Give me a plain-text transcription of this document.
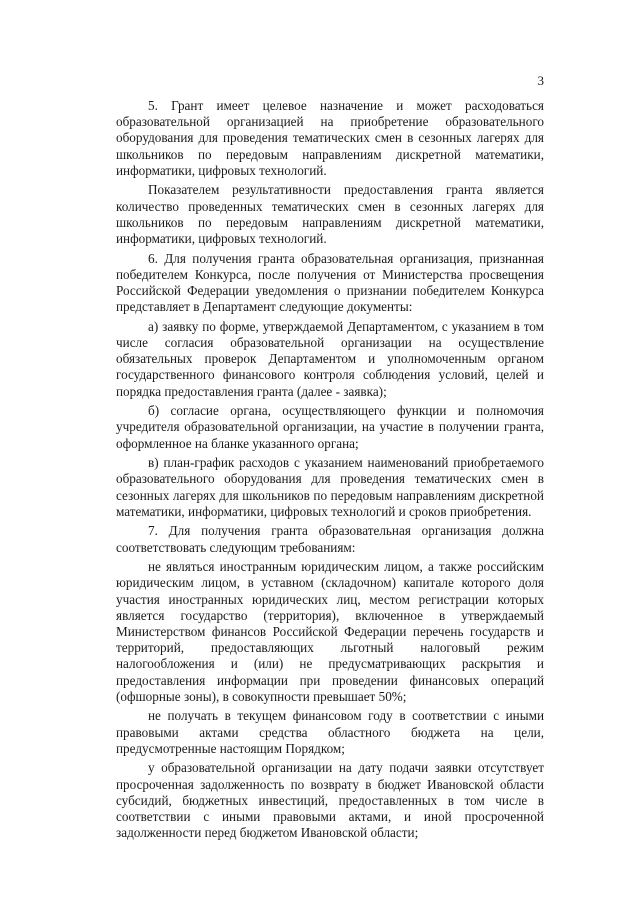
3

5. Грант имеет целевое назначение и может расходоваться образовательной организацией на приобретение образовательного оборудования для проведения тематических смен в сезонных лагерях для школьников по передовым направлениям дискретной математики, информатики, цифровых технологий.

Показателем результативности предоставления гранта является количество проведенных тематических смен в сезонных лагерях для школьников по передовым направлениям дискретной математики, информатики, цифровых технологий.

6. Для получения гранта образовательная организация, признанная победителем Конкурса, после получения от Министерства просвещения Российской Федерации уведомления о признании победителем Конкурса представляет в Департамент следующие документы:

а) заявку по форме, утверждаемой Департаментом, с указанием в том числе согласия образовательной организации на осуществление обязательных проверок Департаментом и уполномоченным органом государственного финансового контроля соблюдения условий, целей и порядка предоставления гранта (далее - заявка);

б) согласие органа, осуществляющего функции и полномочия учредителя образовательной организации, на участие в получении гранта, оформленное на бланке указанного органа;

в) план-график расходов с указанием наименований приобретаемого образовательного оборудования для проведения тематических смен в сезонных лагерях для школьников по передовым направлениям дискретной математики, информатики, цифровых технологий и сроков приобретения.

7. Для получения гранта образовательная организация должна соответствовать следующим требованиям:

не являться иностранным юридическим лицом, а также российским юридическим лицом, в уставном (складочном) капитале которого доля участия иностранных юридических лиц, местом регистрации которых является государство (территория), включенное в утверждаемый Министерством финансов Российской Федерации перечень государств и территорий, предоставляющих льготный налоговый режим налогообложения и (или) не предусматривающих раскрытия и предоставления информации при проведении финансовых операций (офшорные зоны), в совокупности превышает 50%;

не получать в текущем финансовом году в соответствии с иными правовыми актами средства областного бюджета на цели, предусмотренные настоящим Порядком;

у образовательной организации на дату подачи заявки отсутствует просроченная задолженность по возврату в бюджет Ивановской области субсидий, бюджетных инвестиций, предоставленных в том числе в соответствии с иными правовыми актами, и иной просроченной задолженности перед бюджетом Ивановской области;
